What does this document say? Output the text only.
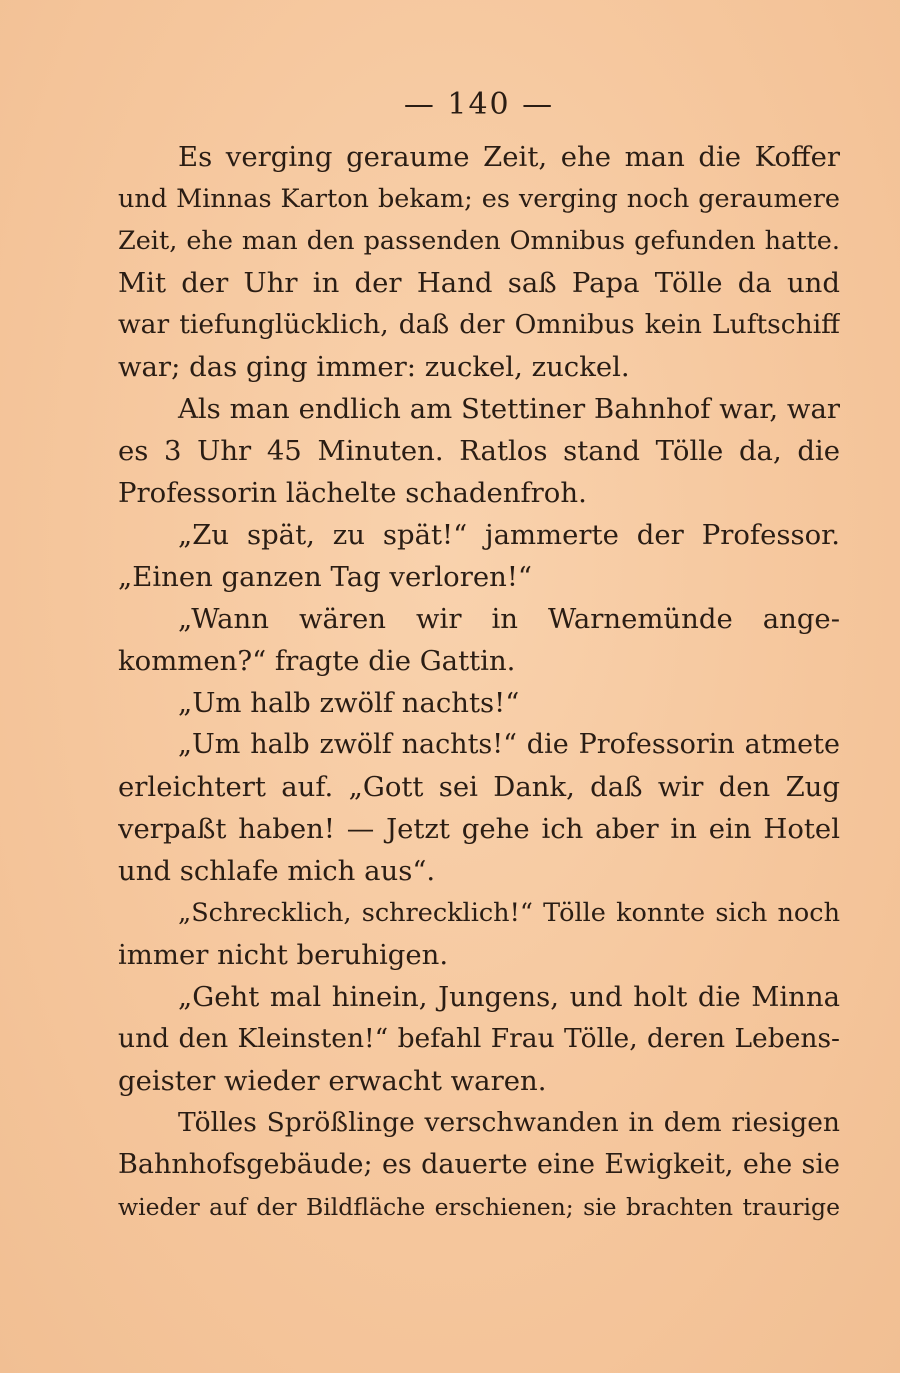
— 140 —
Es verging geraume Zeit, ehe man die Koffer
und Minnas Karton bekam; es verging noch geraumere
Zeit, ehe man den passenden Omnibus gefunden hatte.
Mit der Uhr in der Hand saß Papa Tölle da und
war tiefunglücklich, daß der Omnibus kein Luftschiff
war; das ging immer: zuckel, zuckel.
Als man endlich am Stettiner Bahnhof war, war
es 3 Uhr 45 Minuten. Ratlos stand Tölle da, die
Professorin lächelte schadenfroh.
„Zu spät, zu spät!“ jammerte der Professor.
„Einen ganzen Tag verloren!“
„Wann wären wir in Warnemünde ange-
kommen?“ fragte die Gattin.
„Um halb zwölf nachts!“
„Um halb zwölf nachts!“ die Professorin atmete
erleichtert auf. „Gott sei Dank, daß wir den Zug
verpaßt haben! — Jetzt gehe ich aber in ein Hotel
und schlafe mich aus“.
„Schrecklich, schrecklich!“ Tölle konnte sich noch
immer nicht beruhigen.
„Geht mal hinein, Jungens, und holt die Minna
und den Kleinsten!“ befahl Frau Tölle, deren Lebens-
geister wieder erwacht waren.
Tölles Sprößlinge verschwanden in dem riesigen
Bahnhofsgebäude; es dauerte eine Ewigkeit, ehe sie
wieder auf der Bildfläche erschienen; sie brachten traurige
